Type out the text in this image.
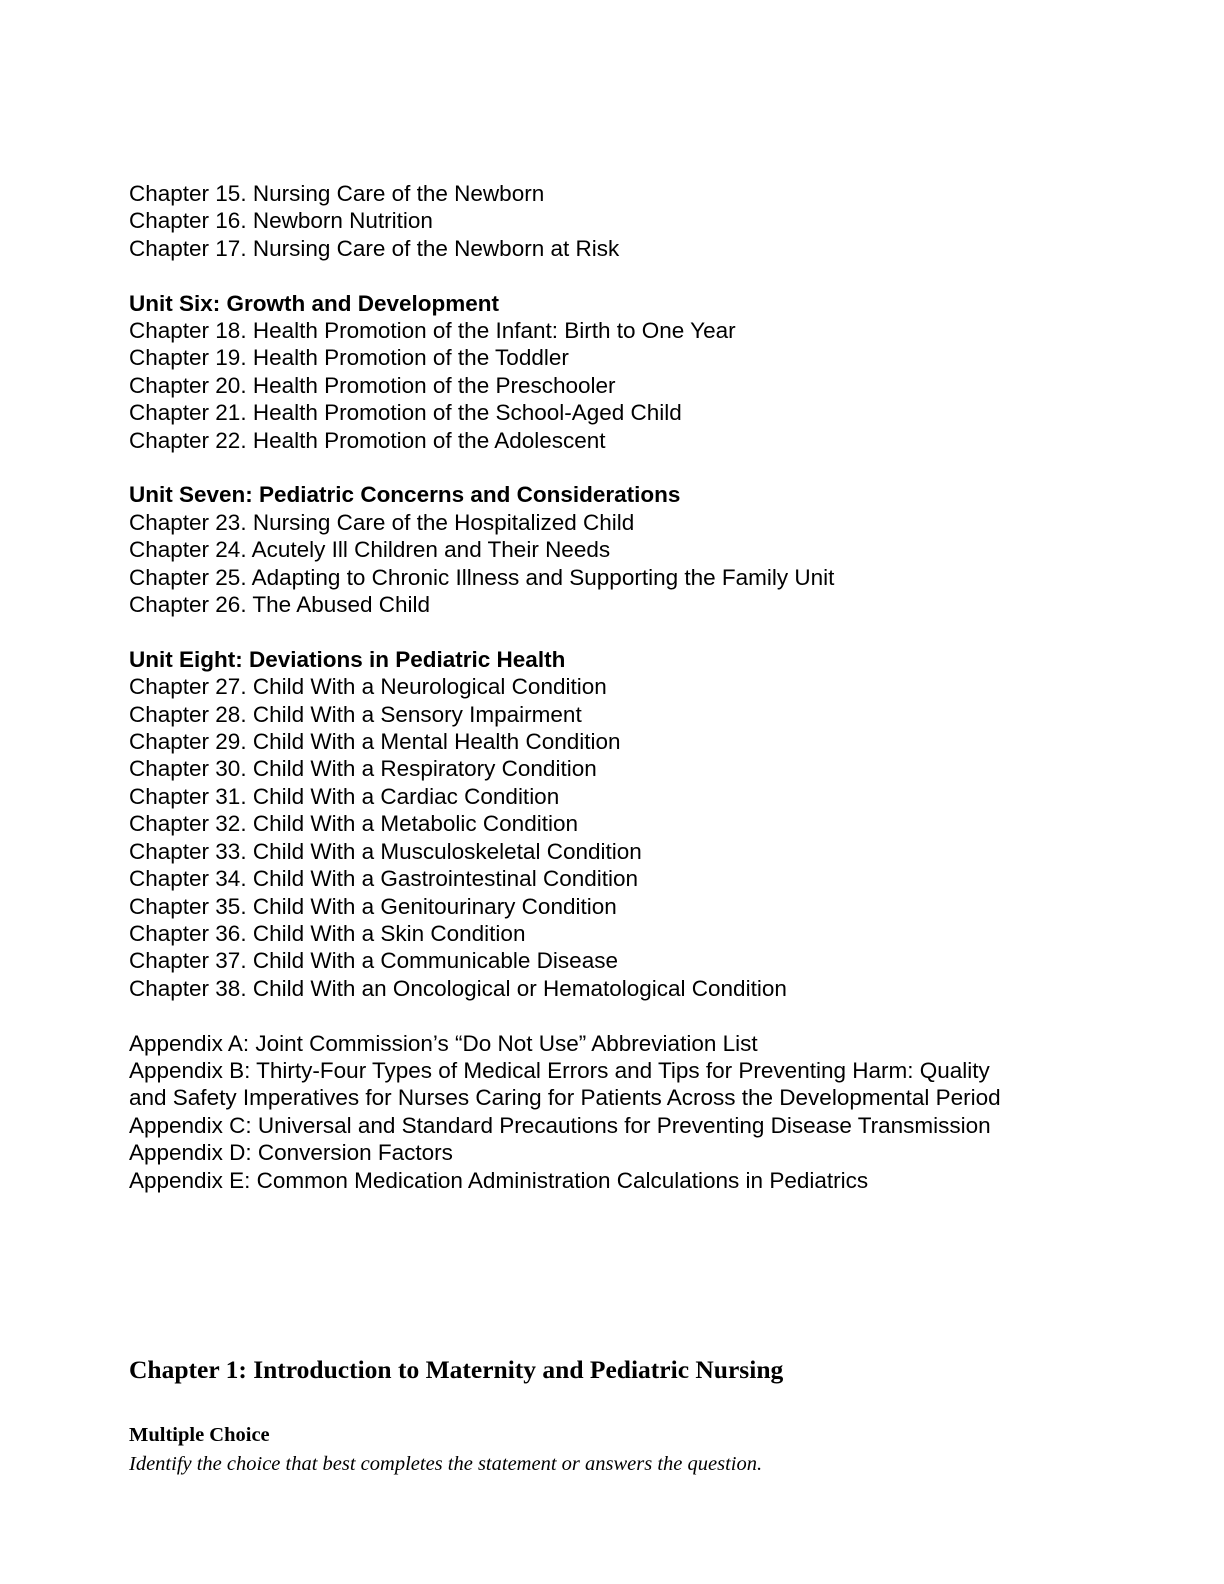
Chapter 15. Nursing Care of the Newborn
Chapter 16. Newborn Nutrition
Chapter 17. Nursing Care of the Newborn at Risk
Unit Six: Growth and Development
Chapter 18. Health Promotion of the Infant: Birth to One Year
Chapter 19. Health Promotion of the Toddler
Chapter 20. Health Promotion of the Preschooler
Chapter 21. Health Promotion of the School-Aged Child
Chapter 22. Health Promotion of the Adolescent
Unit Seven: Pediatric Concerns and Considerations
Chapter 23. Nursing Care of the Hospitalized Child
Chapter 24. Acutely Ill Children and Their Needs
Chapter 25. Adapting to Chronic Illness and Supporting the Family Unit
Chapter 26. The Abused Child
Unit Eight: Deviations in Pediatric Health
Chapter 27. Child With a Neurological Condition
Chapter 28. Child With a Sensory Impairment
Chapter 29. Child With a Mental Health Condition
Chapter 30. Child With a Respiratory Condition
Chapter 31. Child With a Cardiac Condition
Chapter 32. Child With a Metabolic Condition
Chapter 33. Child With a Musculoskeletal Condition
Chapter 34. Child With a Gastrointestinal Condition
Chapter 35. Child With a Genitourinary Condition
Chapter 36. Child With a Skin Condition
Chapter 37. Child With a Communicable Disease
Chapter 38. Child With an Oncological or Hematological Condition
Appendix A: Joint Commission’s “Do Not Use” Abbreviation List
Appendix B: Thirty-Four Types of Medical Errors and Tips for Preventing Harm: Quality
and Safety Imperatives for Nurses Caring for Patients Across the Developmental Period
Appendix C: Universal and Standard Precautions for Preventing Disease Transmission
Appendix D: Conversion Factors
Appendix E: Common Medication Administration Calculations in Pediatrics
Chapter 1: Introduction to Maternity and Pediatric Nursing
Multiple Choice

Identify the choice that best completes the statement or answers the question.
